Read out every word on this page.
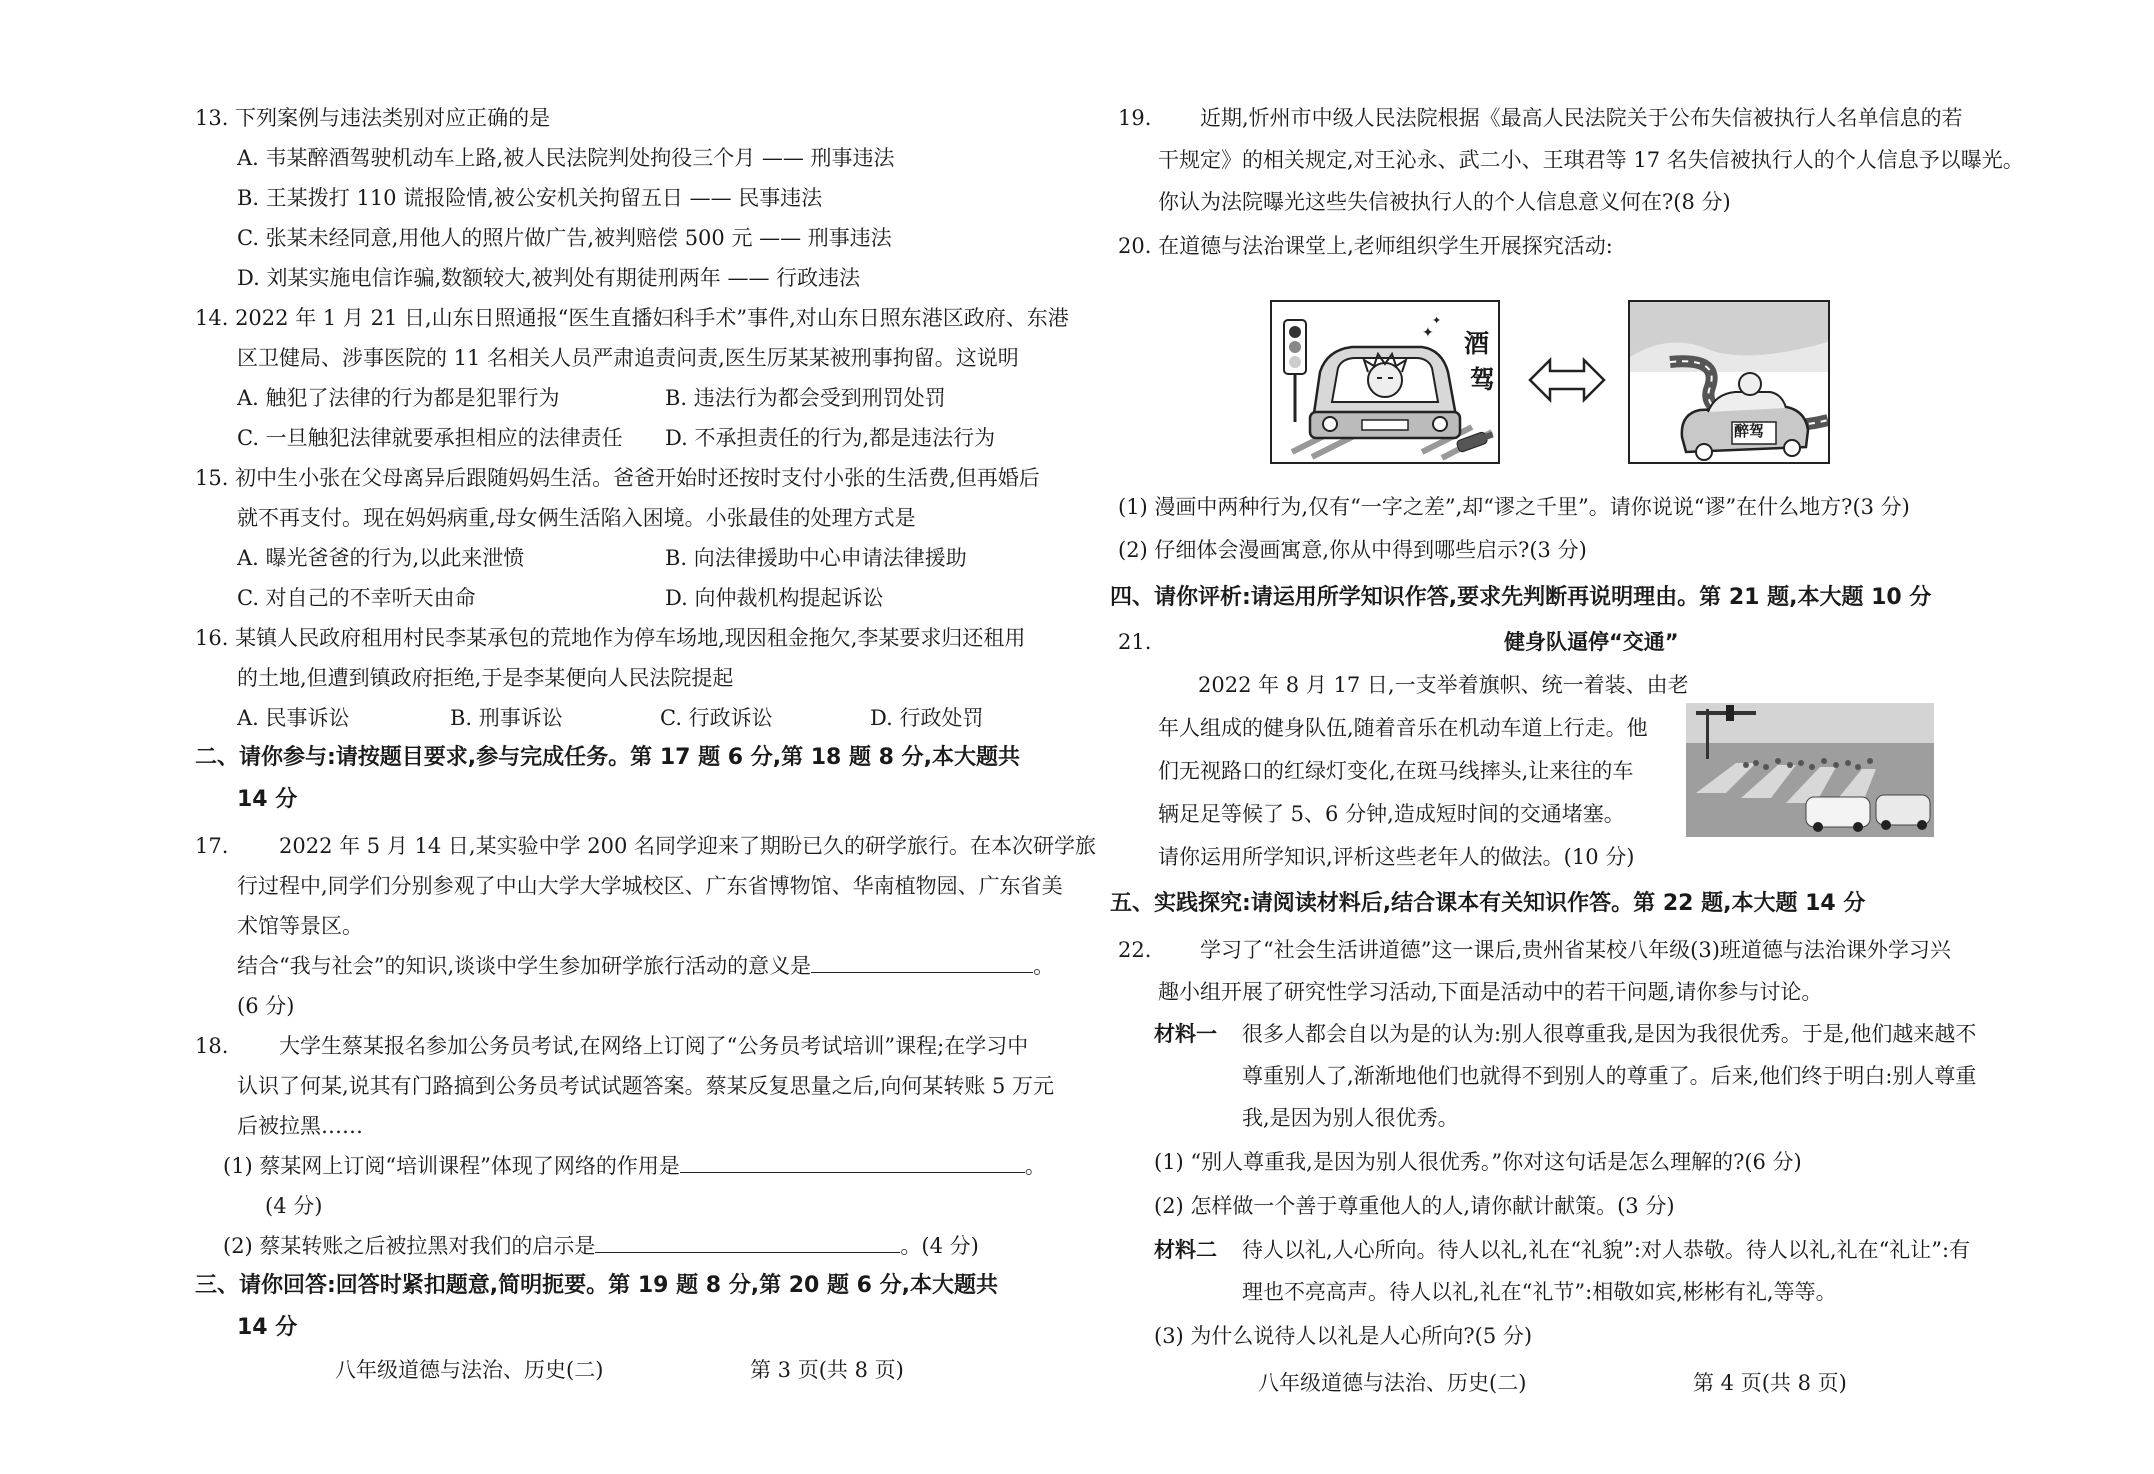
13. 下列案例与违法类别对应正确的是
A. 韦某醉酒驾驶机动车上路,被人民法院判处拘役三个月 —— 刑事违法
B. 王某拨打 110 谎报险情,被公安机关拘留五日 —— 民事违法
C. 张某未经同意,用他人的照片做广告,被判赔偿 500 元 —— 刑事违法
D. 刘某实施电信诈骗,数额较大,被判处有期徒刑两年 —— 行政违法
14. 2022 年 1 月 21 日,山东日照通报“医生直播妇科手术”事件,对山东日照东港区政府、东港
区卫健局、涉事医院的 11 名相关人员严肃追责问责,医生厉某某被刑事拘留。这说明
A. 触犯了法律的行为都是犯罪行为	B. 违法行为都会受到刑罚处罚
C. 一旦触犯法律就要承担相应的法律责任 D. 不承担责任的行为,都是违法行为
15. 初中生小张在父母离异后跟随妈妈生活。爸爸开始时还按时支付小张的生活费,但再婚后
就不再支付。现在妈妈病重,母女俩生活陷入困境。小张最佳的处理方式是
A. 曝光爸爸的行为,以此来泄愤	B. 向法律援助中心申请法律援助
C. 对自己的不幸听天由命	D. 向仲裁机构提起诉讼
16. 某镇人民政府租用村民李某承包的荒地作为停车场地,现因租金拖欠,李某要求归还租用
的土地,但遭到镇政府拒绝,于是李某便向人民法院提起
A. 民事诉讼	B. 刑事诉讼	C. 行政诉讼	D. 行政处罚
二、请你参与:请按题目要求,参与完成任务。第 17 题 6 分,第 18 题 8 分,本大题共
14 分
17. 2022 年 5 月 14 日,某实验中学 200 名同学迎来了期盼已久的研学旅行。在本次研学旅
行过程中,同学们分别参观了中山大学大学城校区、广东省博物馆、华南植物园、广东省美
术馆等景区。
结合“我与社会”的知识,谈谈中学生参加研学旅行活动的意义是	。
(6 分)
18. 大学生蔡某报名参加公务员考试,在网络上订阅了“公务员考试培训”课程;在学习中
认识了何某,说其有门路搞到公务员考试试题答案。蔡某反复思量之后,向何某转账 5 万元
后被拉黑……
(1) 蔡某网上订阅“培训课程”体现了网络的作用是	。
(4 分)
(2) 蔡某转账之后被拉黑对我们的启示是	。(4 分)
三、请你回答:回答时紧扣题意,简明扼要。第 19 题 8 分,第 20 题 6 分,本大题共
14 分
八年级道德与法治、历史(二)	第 3 页(共 8 页)
19. 近期,忻州市中级人民法院根据《最高人民法院关于公布失信被执行人名单信息的若
干规定》的相关规定,对王沁永、武二小、王琪君等 17 名失信被执行人的个人信息予以曝光。
你认为法院曝光这些失信被执行人的个人信息意义何在?(8 分)
20. 在道德与法治课堂上,老师组织学生开展探究活动:
✦
✦
酒
驾
醉驾
(1) 漫画中两种行为,仅有“一字之差”,却“谬之千里”。请你说说“谬”在什么地方?(3 分)
(2) 仔细体会漫画寓意,你从中得到哪些启示?(3 分)
四、请你评析:请运用所学知识作答,要求先判断再说明理由。第 21 题,本大题 10 分
21.	健身队逼停“交通”
2022 年 8 月 17 日,一支举着旗帜、统一着装、由老
年人组成的健身队伍,随着音乐在机动车道上行走。他
们无视路口的红绿灯变化,在斑马线摔头,让来往的车
辆足足等候了 5、6 分钟,造成短时间的交通堵塞。
请你运用所学知识,评析这些老年人的做法。(10 分)
五、实践探究:请阅读材料后,结合课本有关知识作答。第 22 题,本大题 14 分
22. 学习了“社会生活讲道德”这一课后,贵州省某校八年级(3)班道德与法治课外学习兴
趣小组开展了研究性学习活动,下面是活动中的若干问题,请你参与讨论。
材料一 很多人都会自以为是的认为:别人很尊重我,是因为我很优秀。于是,他们越来越不
尊重别人了,渐渐地他们也就得不到别人的尊重了。后来,他们终于明白:别人尊重
我,是因为别人很优秀。
(1) “别人尊重我,是因为别人很优秀。”你对这句话是怎么理解的?(6 分)
(2) 怎样做一个善于尊重他人的人,请你献计献策。(3 分)
材料二 待人以礼,人心所向。待人以礼,礼在“礼貌”:对人恭敬。待人以礼,礼在“礼让”:有
理也不亮高声。待人以礼,礼在“礼节”:相敬如宾,彬彬有礼,等等。
(3) 为什么说待人以礼是人心所向?(5 分)
八年级道德与法治、历史(二)	第 4 页(共 8 页)
